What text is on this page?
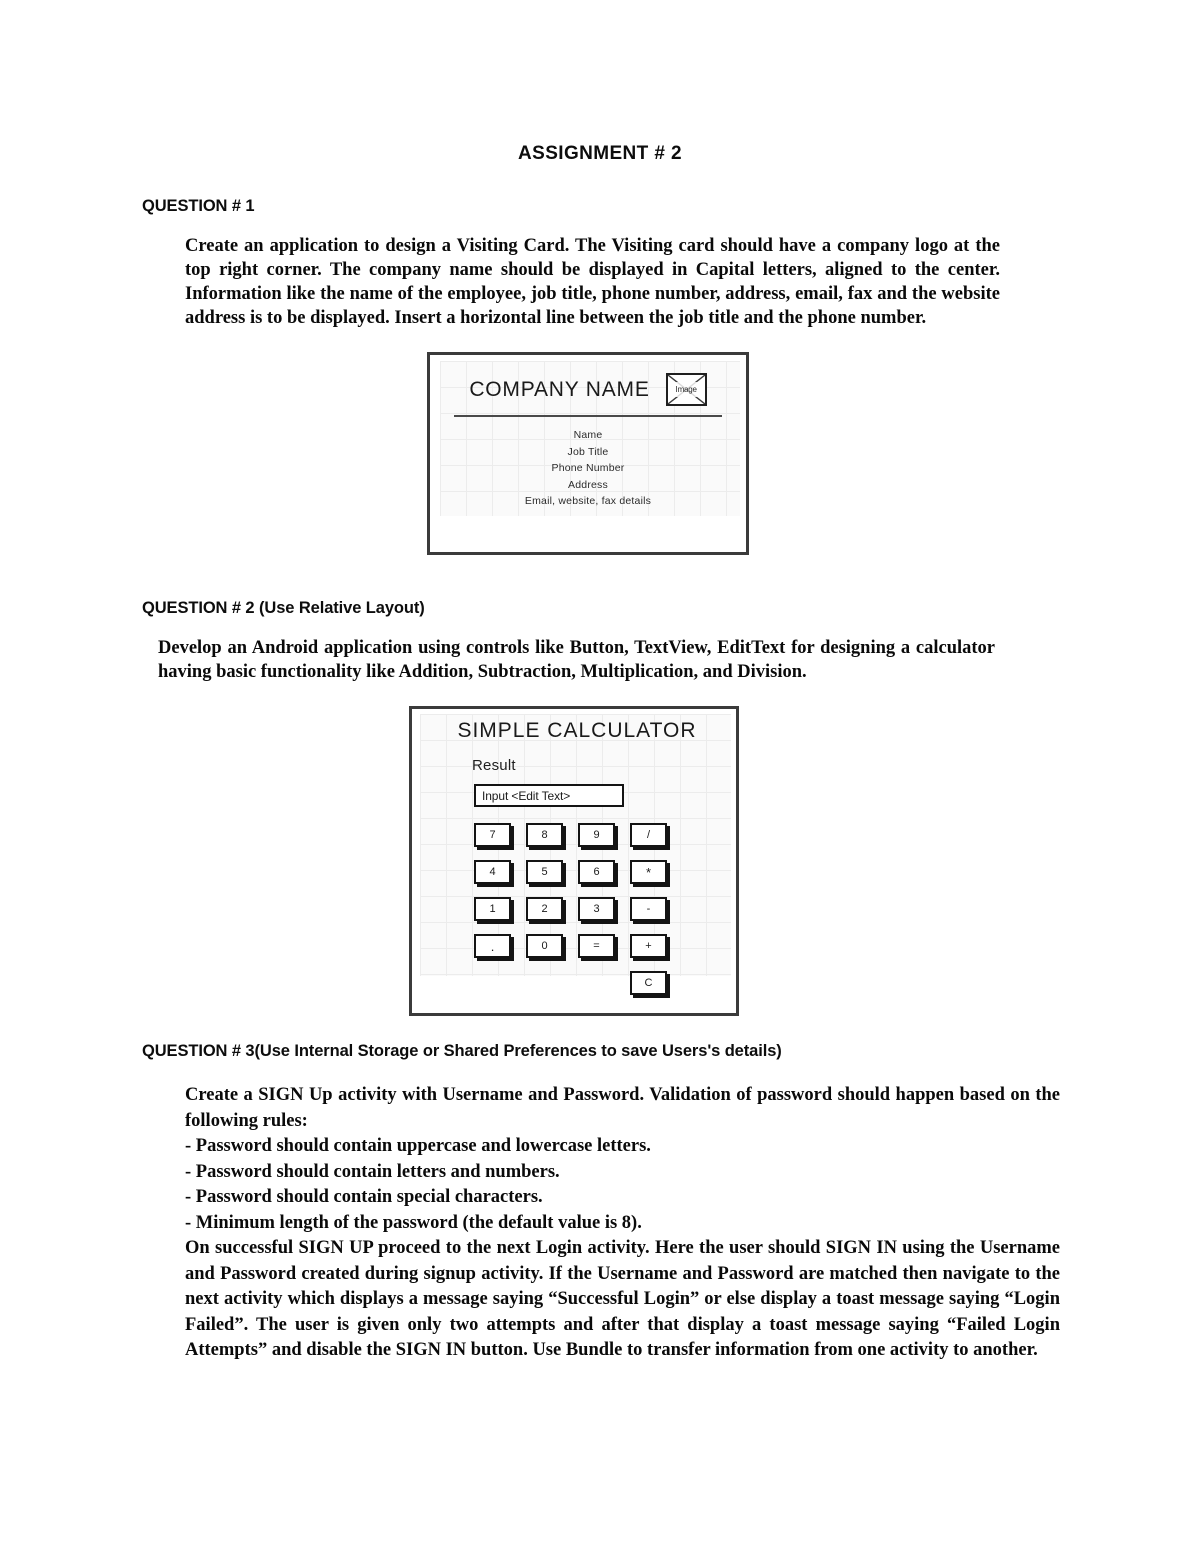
ASSIGNMENT # 2
QUESTION # 1
Create an application to design a Visiting Card. The Visiting card should have a company logo at the top right corner. The company name should be displayed in Capital letters, aligned to the center. Information like the name of the employee, job title, phone number, address, email, fax and the website address is to be displayed. Insert a horizontal line between the job title and the phone number.
COMPANY NAME	Image
Name
Job Title
Phone Number
Address
Email, website, fax details
QUESTION # 2 (Use Relative Layout)
Develop an Android application using controls like Button, TextView, EditText for designing a calculator having basic functionality like Addition, Subtraction, Multiplication, and Division.
SIMPLE CALCULATOR
Result
Input <Edit Text>
7	8	9	/
4	5	6	*
1	2	3	-
.	0	=	+
C
QUESTION # 3(Use Internal Storage or Shared Preferences to save Users's details)

Create a SIGN Up activity with Username and Password. Validation of password should happen based on the following rules:

- Password should contain uppercase and lowercase letters.
- Password should contain letters and numbers.
- Password should contain special characters.
- Minimum length of the password (the default value is 8).

On successful SIGN UP proceed to the next Login activity. Here the user should SIGN IN using the Username and Password created during signup activity. If the Username and Password are matched then navigate to the next activity which displays a message saying “Successful Login” or else display a toast message saying “Login Failed”. The user is given only two attempts and after that display a toast message saying “Failed Login Attempts” and disable the SIGN IN button. Use Bundle to transfer information from one activity to another.
